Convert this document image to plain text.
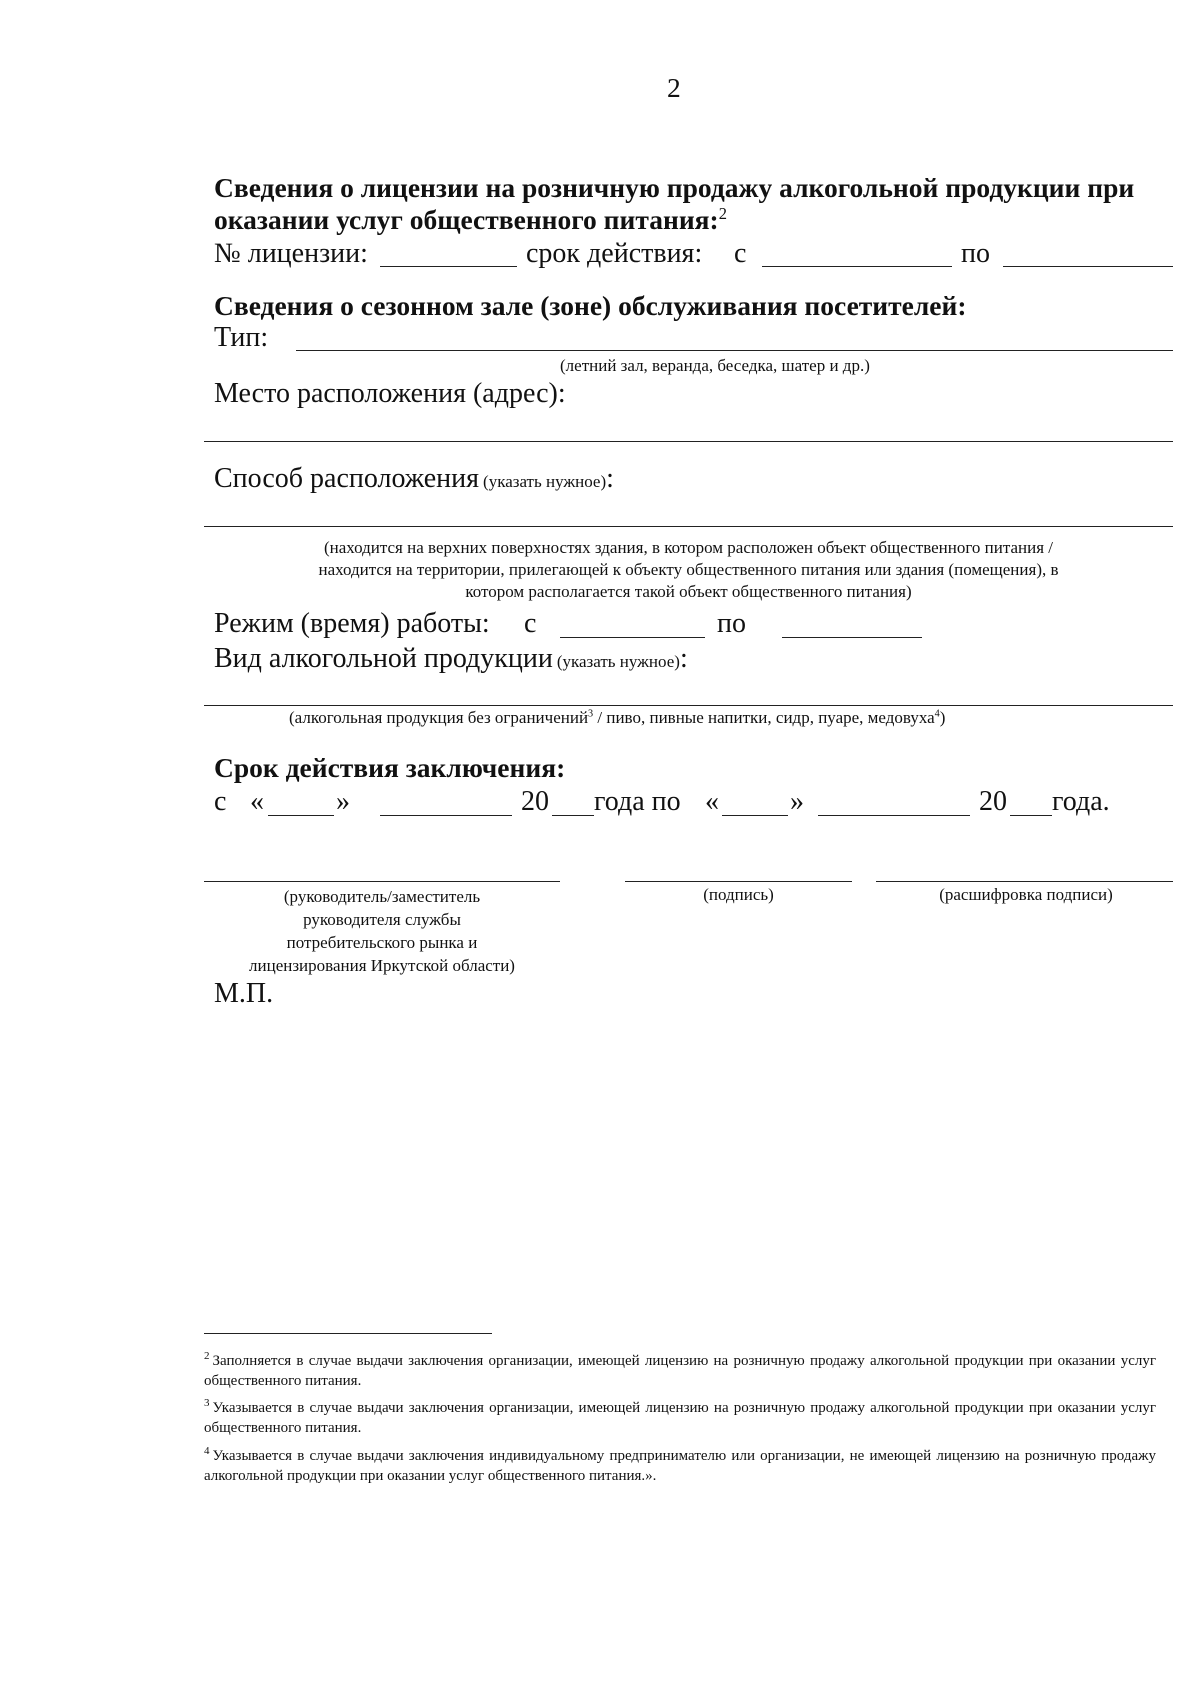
2
Сведения о лицензии на розничную продажу алкогольной продукции при
оказании услуг общественного питания:$^2$
№ лицензии:	срок действия: с	по
Сведения о сезонном зале (зоне) обслуживания посетителей:
Тип:
(летний зал, веранда, беседка, шатер и др.)
Место расположения (адрес):
Способ расположения (указать нужное):
(находится на верхних поверхностях здания, в котором расположен объект общественного питания /
находится на территории, прилегающей к объекту общественного питания или здания (помещения), в
котором располагается такой объект общественного питания)
Режим (время) работы: с	по
Вид алкогольной продукции (указать нужное):
(алкогольная продукция без ограничений$^3$ / пиво, пивные напитки, сидр, пуаре, медовуха$^4$)
Срок действия заключения:
с «	»	20 года по «	»	20 года.
(руководитель/заместитель
руководителя службы
потребительского рынка и
лицензирования Иркутской области)
(подпись)	(расшифровка подписи)
М.П.
$^2$ Заполняется в случае выдачи заключения организации, имеющей лицензию на розничную продажу алкогольной продукции при оказании услуг общественного питания.
$^3$ Указывается в случае выдачи заключения организации, имеющей лицензию на розничную продажу алкогольной продукции при оказании услуг общественного питания.
$^4$ Указывается в случае выдачи заключения индивидуальному предпринимателю или организации, не имеющей лицензию на розничную продажу алкогольной продукции при оказании услуг общественного питания.».
